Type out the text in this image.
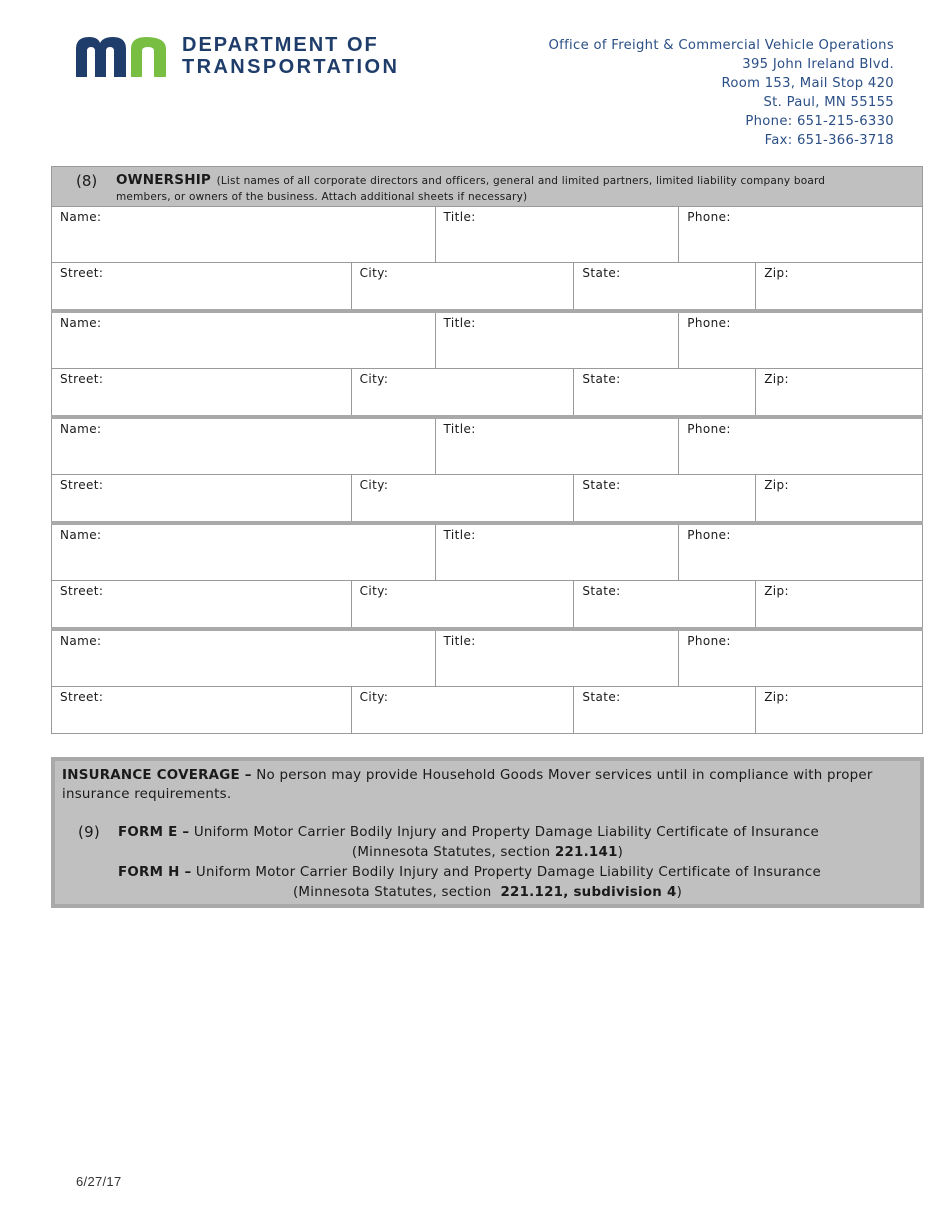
DEPARTMENT OF
TRANSPORTATION
Office of Freight & Commercial Vehicle Operations
395 John Ireland Blvd.
Room 153, Mail Stop 420
St. Paul, MN 55155
Phone: 651-215-6330
Fax: 651-366-3718
(8) OWNERSHIP (List names of all corporate directors and officers, general and limited partners, limited liability company board members, or owners of the business. Attach additional sheets if necessary)
Name:	Title:	Phone:
Street:	City:	State:	Zip:
Name:	Title:	Phone:
Street:	City:	State:	Zip:
Name:	Title:	Phone:
Street:	City:	State:	Zip:
Name:	Title:	Phone:
Street:	City:	State:	Zip:
Name:	Title:	Phone:
Street:	City:	State:	Zip:
INSURANCE COVERAGE – No person may provide Household Goods Mover services until in compliance with proper insurance requirements.
(9) FORM E – Uniform Motor Carrier Bodily Injury and Property Damage Liability Certificate of Insurance
(Minnesota Statutes, section 221.141)
FORM H – Uniform Motor Carrier Bodily Injury and Property Damage Liability Certificate of Insurance
(Minnesota Statutes, section 221.121, subdivision 4)
6/27/17
